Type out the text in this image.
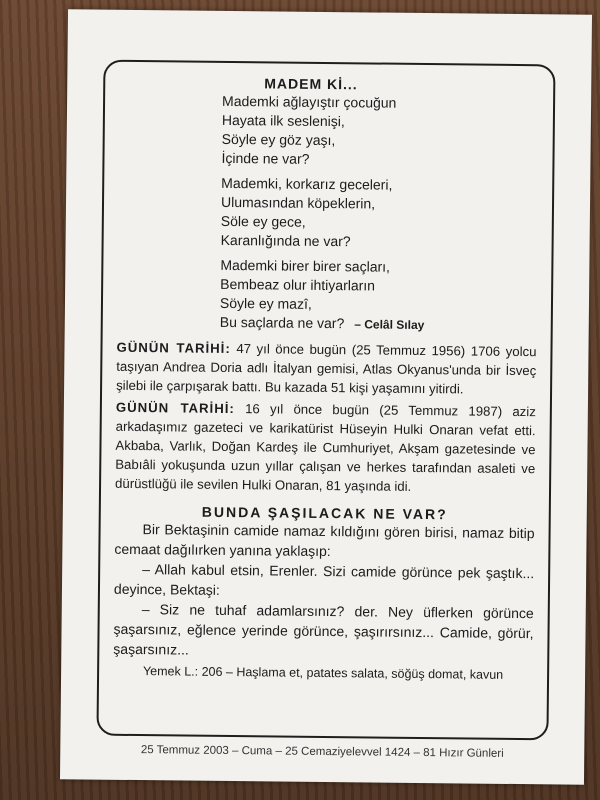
MADEM Kİ...
Mademki ağlayıştır çocuğun
Hayata ilk seslenişi,
Söyle ey göz yaşı,
İçinde ne var?
Mademki, korkarız geceleri,
Ulumasından köpeklerin,
Söle ey gece,
Karanlığında ne var?
Mademki birer birer saçları,
Bembeaz olur ihtiyarların
Söyle ey mazî,
Bu saçlarda ne var? – Celâl Sılay
GÜNÜN TARİHİ: 47 yıl önce bugün (25 Temmuz 1956) 1706 yolcu taşıyan Andrea Doria adlı İtalyan gemisi, Atlas Okyanus'unda bir İsveç şilebi ile çarpışarak battı. Bu kazada 51 kişi yaşamını yitirdi.
GÜNÜN TARİHİ: 16 yıl önce bugün (25 Temmuz 1987) aziz arkadaşımız gazeteci ve karikatürist Hüseyin Hulki Onaran vefat etti. Akbaba, Varlık, Doğan Kardeş ile Cumhuriyet, Akşam gazetesinde ve Babıâli yokuşunda uzun yıllar çalışan ve herkes tarafından asaleti ve dürüstlüğü ile sevilen Hulki Onaran, 81 yaşında idi.
BUNDA ŞAŞILACAK NE VAR?

Bir Bektaşinin camide namaz kıldığını gören birisi, namaz bitip cemaat dağılırken yanına yaklaşıp:

– Allah kabul etsin, Erenler. Sizi camide görünce pek şaştık... deyince, Bektaşi:

– Siz ne tuhaf adamlarsınız? der. Ney üflerken görünce şaşarsınız, eğlence yerinde görünce, şaşırırsınız... Camide, görür, şaşarsınız...

Yemek L.: 206 – Haşlama et, patates salata, söğüş domat, kavun
25 Temmuz 2003 – Cuma – 25 Cemaziyelevvel 1424 – 81 Hızır Günleri
